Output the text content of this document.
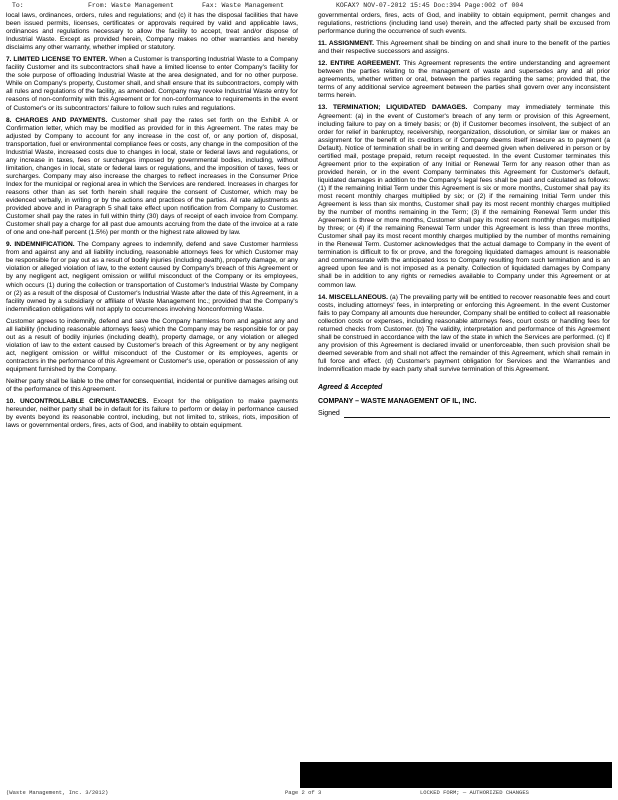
To:	From: Waste Management	Fax: Waste Management	KOFAX? NOV-07-2012 15:45 Doc:394 Page:002 of 004

local laws, ordinances, orders, rules and regulations; and (c) it has the disposal facilities that have been issued permits, licenses, certificates or approvals required by valid and applicable laws, ordinances and regulations necessary to allow the facility to accept, treat and/or dispose of Industrial Waste. Except as provided herein, Company makes no other warranties and hereby disclaims any other warranty, whether implied or statutory.

7. LIMITED LICENSE TO ENTER. When a Customer is transporting Industrial Waste to a Company facility Customer and its subcontractors shall have a limited license to enter Company's facility for the sole purpose of offloading Industrial Waste at the area designated, and for no other purpose. While on Company's property, Customer shall, and shall ensure that its subcontractors, comply with all rules and regulations of the facility, as amended. Company may revoke Industrial Waste entry for reasons of non-conformity with this Agreement or for non-conformance to requirements in the event of Customer's or its subcontractors' failure to follow such rules and regulations.

8. CHARGES AND PAYMENTS. Customer shall pay the rates set forth on the Exhibit A or Confirmation letter, which may be modified as provided for in this Agreement. The rates may be adjusted by Company to account for any increase in the cost of, or any portion of, disposal, transportation, fuel or environmental compliance fees or costs, any change in the composition of the Industrial Waste, increased costs due to changes in local, state or federal laws and regulations, or any increase in taxes, fees or surcharges imposed by governmental bodies, including, without limitation, changes in local, state or federal laws or regulations, and the imposition of taxes, fees or surcharges. Company may also increase the charges to reflect increases in the Consumer Price Index for the municipal or regional area in which the Services are rendered. Increases in charges for reasons other than as set forth herein shall require the consent of Customer, which may be evidenced verbally, in writing or by the actions and practices of the parties. All rate adjustments as provided above and in Paragraph 5 shall take effect upon notification from Company to Customer. Customer shall pay the rates in full within thirty (30) days of receipt of each invoice from Company. Customer shall pay a charge for all past due amounts accruing from the date of the invoice at a rate of one and one-half percent (1.5%) per month or the highest rate allowed by law.

9. INDEMNIFICATION. The Company agrees to indemnify, defend and save Customer harmless from and against any and all liability including, reasonable attorneys fees for which Customer may be responsible for or pay out as a result of bodily injuries (including death), property damage, or any violation or alleged violation of law, to the extent caused by Company's breach of this Agreement or by any negligent act, negligent omission or willful misconduct of the Company or its employees, which occurs (1) during the collection or transportation of Customer's Industrial Waste by Company or (2) as a result of the disposal of Customer's Industrial Waste after the date of this Agreement, in a facility owned by a subsidiary or affiliate of Waste Management Inc.; provided that the Company's indemnification obligations will not apply to occurrences involving Nonconforming Waste.

Customer agrees to indemnify, defend and save the Company harmless from and against any and all liability (including reasonable attorneys fees) which the Company may be responsible for or pay out as a result of bodily injuries (including death), property damage, or any violation or alleged violation of law to the extent caused by Customer's breach of this Agreement or by any negligent act, negligent omission or willful misconduct of the Customer or its employees, agents or contractors in the performance of this Agreement or Customer's use, operation or possession of any equipment furnished by the Company.

Neither party shall be liable to the other for consequential, incidental or punitive damages arising out of the performance of this Agreement.

10. UNCONTROLLABLE CIRCUMSTANCES. Except for the obligation to make payments hereunder, neither party shall be in default for its failure to perform or delay in performance caused by events beyond its reasonable control, including, but not limited to, strikes, riots, imposition of laws or governmental orders, fires, acts of God, and inability to obtain equipment.

governmental orders, fires, acts of God, and inability to obtain equipment, permit changes and regulations, restrictions (including land use) therein, and the affected party shall be excused from performance during the occurrence of such events.

11. ASSIGNMENT. This Agreement shall be binding on and shall inure to the benefit of the parties and their respective successors and assigns.

12. ENTIRE AGREEMENT. This Agreement represents the entire understanding and agreement between the parties relating to the management of waste and supersedes any and all prior agreements, whether written or oral, between the parties regarding the same; provided that, the terms of any additional service agreement between the parties shall govern over any inconsistent terms herein.

13. TERMINATION; LIQUIDATED DAMAGES. Company may immediately terminate this Agreement: (a) in the event of Customer's breach of any term or provision of this Agreement, including failure to pay on a timely basis; or (b) if Customer becomes insolvent, the subject of an order for relief in bankruptcy, receivership, reorganization, dissolution, or similar law or makes an assignment for the benefit of its creditors or if Company deems itself insecure as to payment (a Default). Notice of termination shall be in writing and deemed given when delivered in person or by certified mail, postage prepaid, return receipt requested. In the event Customer terminates this Agreement prior to the expiration of any Initial or Renewal Term for any reason other than as provided herein, or in the event Company terminates this Agreement for Customer's default, liquidated damages in addition to the Company's legal fees shall be paid and calculated as follows: (1) If the remaining Initial Term under this Agreement is six or more months, Customer shall pay its most recent monthly charges multiplied by six; or (2) if the remaining Initial Term under this Agreement is less than six months, Customer shall pay its most recent monthly charges multiplied by the number of months remaining in the Term; (3) if the remaining Renewal Term under this Agreement is three or more months, Customer shall pay its most recent monthly charges multiplied by three; or (4) if the remaining Renewal Term under this Agreement is less than three months, Customer shall pay its most recent monthly charges multiplied by the number of months remaining in the Renewal Term. Customer acknowledges that the actual damage to Company in the event of termination is difficult to fix or prove, and the foregoing liquidated damages amount is reasonable and commensurate with the anticipated loss to Company resulting from such termination and is an agreed upon fee and is not imposed as a penalty. Collection of liquidated damages by Company shall be in addition to any rights or remedies available to Company under this Agreement or at common law.

14. MISCELLANEOUS. (a) The prevailing party will be entitled to recover reasonable fees and court costs, including attorneys' fees, in interpreting or enforcing this Agreement. In the event Customer fails to pay Company all amounts due hereunder, Company shall be entitled to collect all reasonable collection costs or expenses, including reasonable attorneys fees, court costs or handling fees for returned checks from Customer. (b) The validity, interpretation and performance of this Agreement shall be construed in accordance with the law of the state in which the Services are performed. (c) If any provision of this Agreement is declared invalid or unenforceable, then such provision shall be deemed severable from and shall not affect the remainder of this Agreement, which shall remain in full force and effect. (d) Customer's payment obligation for Services and the Warranties and Indemnification made by each party shall survive termination of this Agreement.

Agreed & Accepted
COMPANY – WASTE MANAGEMENT OF IL, INC.
Signed
(Waste Management, Inc. 3/2012)	Page 2 of 3	LOCKED FORM; — AUTHORIZED CHANGES
